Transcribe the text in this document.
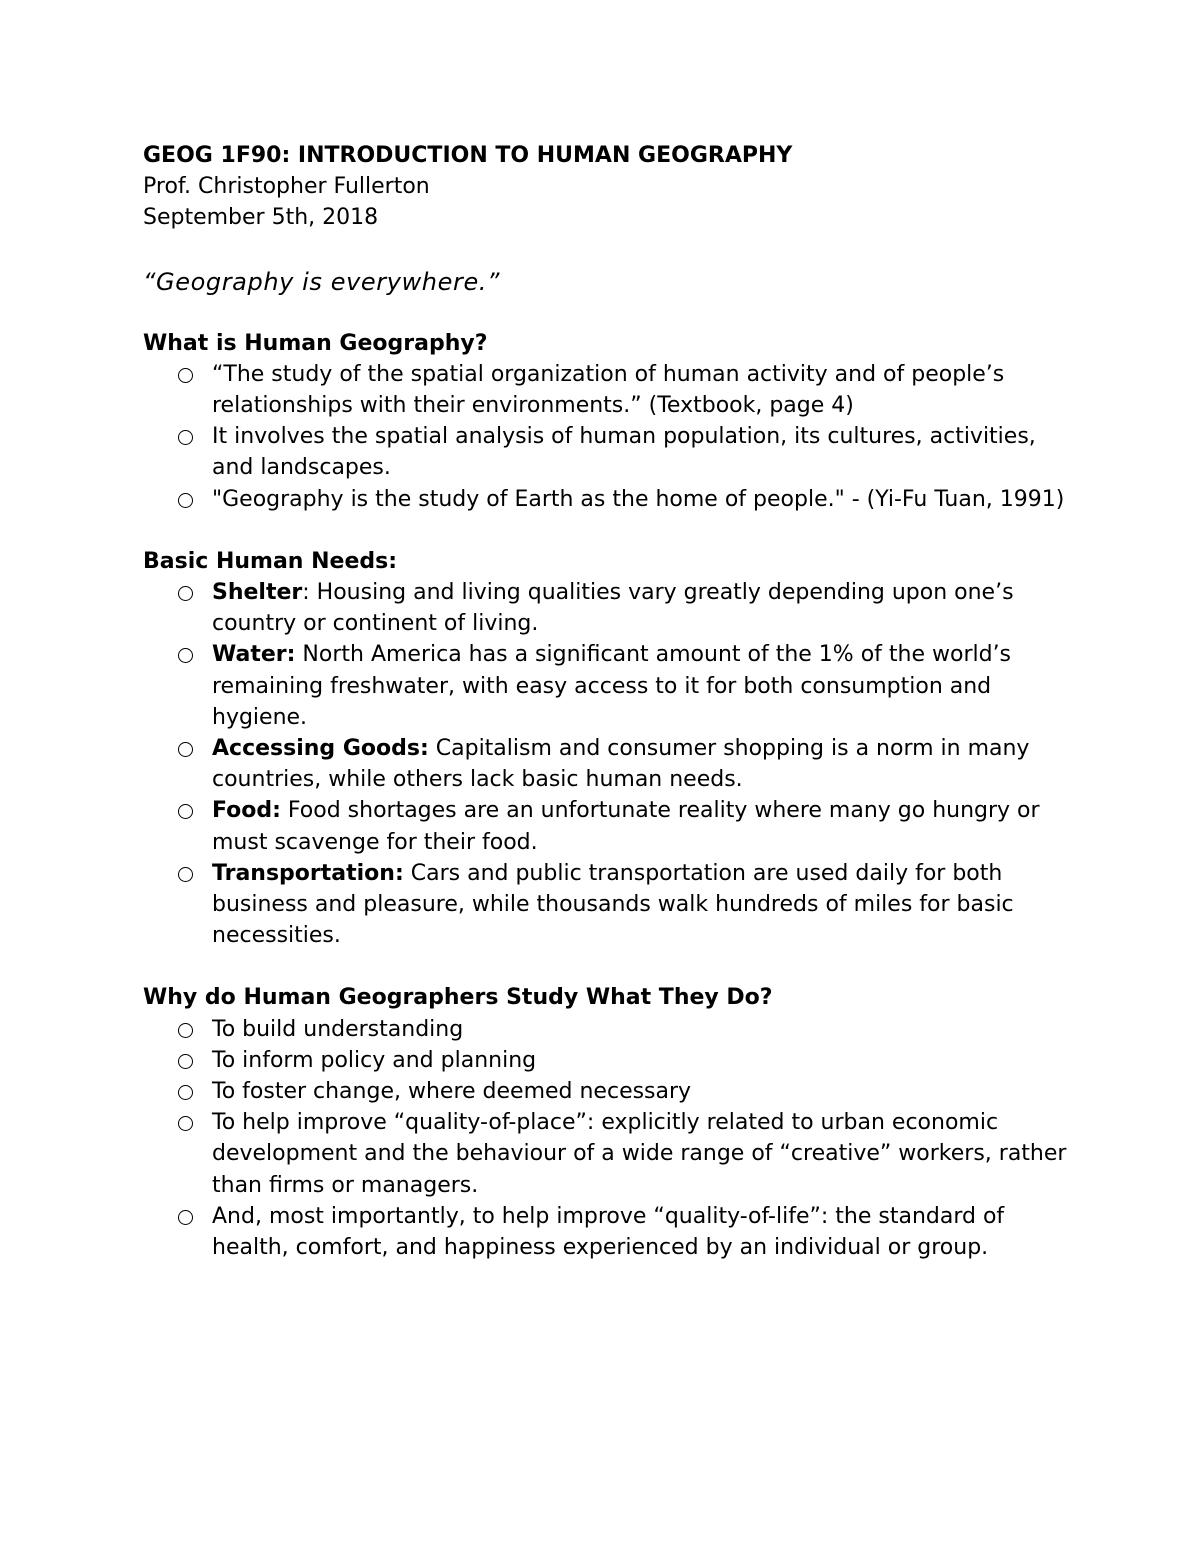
GEOG 1F90: INTRODUCTION TO HUMAN GEOGRAPHY

Prof. Christopher Fullerton

September 5th, 2018

“Geography is everywhere.”

What is Human Geography?

“The study of the spatial organization of human activity and of people’s relationships with their environments.” (Textbook, page 4)
It involves the spatial analysis of human population, its cultures, activities, and landscapes.
"Geography is the study of Earth as the home of people." - (Yi-Fu Tuan, 1991)

Basic Human Needs:

Shelter: Housing and living qualities vary greatly depending upon one’s country or continent of living.
Water: North America has a significant amount of the 1% of the world’s remaining freshwater, with easy access to it for both consumption and hygiene.
Accessing Goods: Capitalism and consumer shopping is a norm in many countries, while others lack basic human needs.
Food: Food shortages are an unfortunate reality where many go hungry or must scavenge for their food.
Transportation: Cars and public transportation are used daily for both business and pleasure, while thousands walk hundreds of miles for basic necessities.

Why do Human Geographers Study What They Do?

To build understanding
To inform policy and planning
To foster change, where deemed necessary
To help improve “quality-of-place”: explicitly related to urban economic development and the behaviour of a wide range of “creative” workers, rather than firms or managers.
And, most importantly, to help improve “quality-of-life”: the standard of health, comfort, and happiness experienced by an individual or group.
